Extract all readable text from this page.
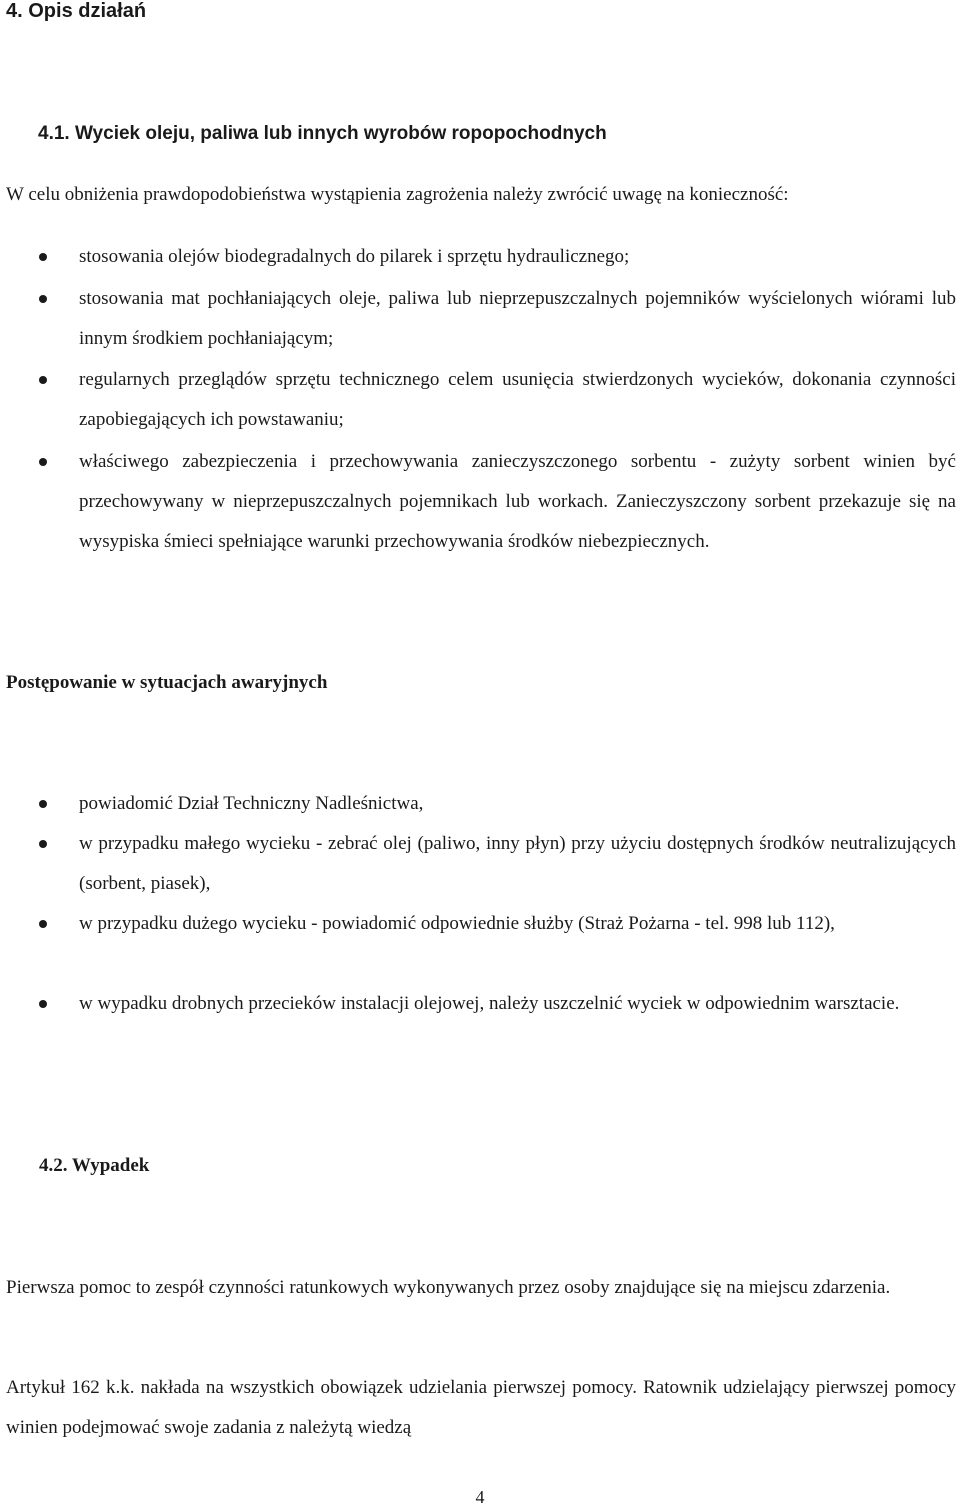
4. Opis działań
4.1. Wyciek oleju, paliwa lub innych wyrobów ropopochodnych

W celu obniżenia prawdopodobieństwa wystąpienia zagrożenia należy zwrócić uwagę na konieczność:

stosowania olejów biodegradalnych do pilarek i sprzętu hydraulicznego;

stosowania mat pochłaniających oleje, paliwa lub nieprzepuszczalnych pojemników wyścielonych wiórami lub innym środkiem pochłaniającym;

regularnych przeglądów sprzętu technicznego celem usunięcia stwierdzonych wycieków, dokonania czynności zapobiegających ich powstawaniu;

właściwego zabezpieczenia i przechowywania zanieczyszczonego sorbentu - zużyty sorbent winien być przechowywany w nieprzepuszczalnych pojemnikach lub workach. Zanieczyszczony sorbent przekazuje się na wysypiska śmieci spełniające warunki przechowywania środków niebezpiecznych.

Postępowanie w sytuacjach awaryjnych

powiadomić Dział Techniczny Nadleśnictwa,

w przypadku małego wycieku - zebrać olej (paliwo, inny płyn) przy użyciu dostępnych środków neutralizujących (sorbent, piasek),

w przypadku dużego wycieku - powiadomić odpowiednie służby (Straż Pożarna - tel. 998 lub 112),

w wypadku drobnych przecieków instalacji olejowej, należy uszczelnić wyciek w odpowiednim warsztacie.

4.2. Wypadek

Pierwsza pomoc to zespół czynności ratunkowych wykonywanych przez osoby znajdujące się na miejscu zdarzenia.

Artykuł 162 k.k. nakłada na wszystkich obowiązek udzielania pierwszej pomocy. Ratownik udzielający pierwszej pomocy winien podejmować swoje zadania z należytą wiedzą

4
